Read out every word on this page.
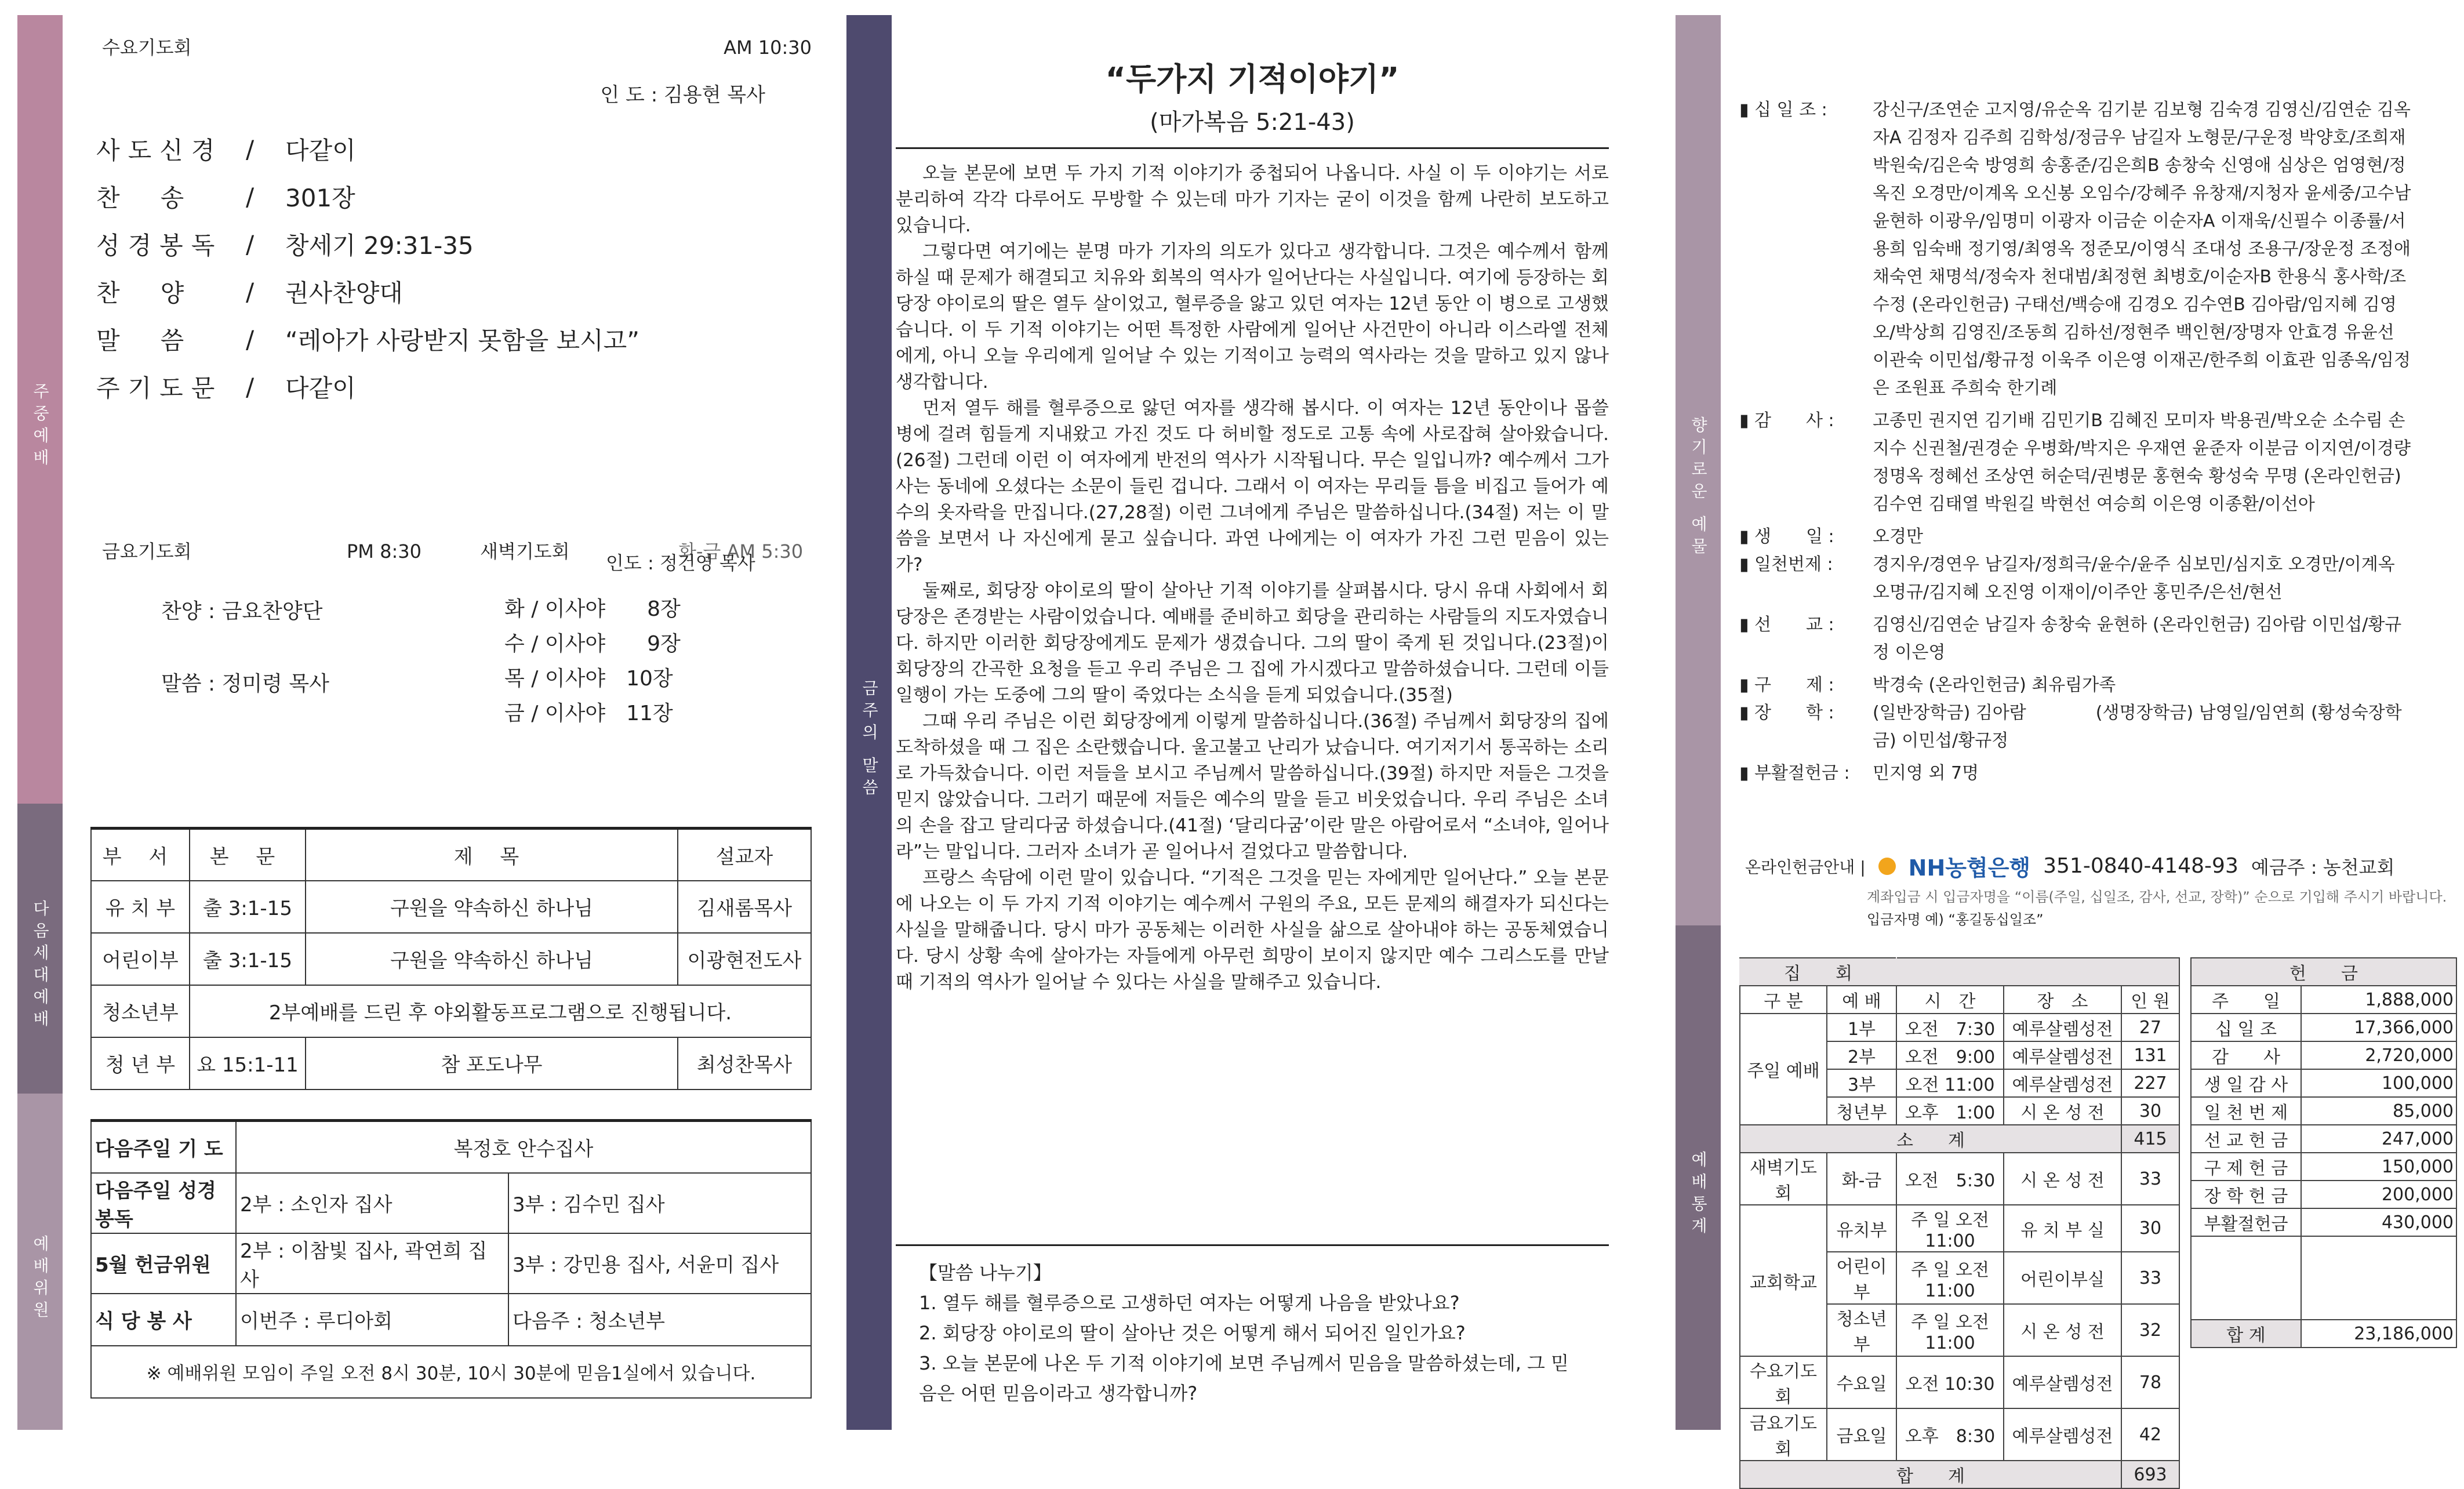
주중예배
다음세대예배
예배위원
수요기도회	AM 10:30
인 도 : 김용현 목사
사도신경 /	다같이
찬송 /	301장
성경봉독 /	창세기 29:31-35
찬양 /	권사찬양대
말씀 /	“레아가 사랑받지 못함을 보시고”
주기도문 /	다같이
금요기도회	PM 8:30	새벽기도회	화-금 AM 5:30
인도 : 정건영 목사
찬양 : 금요찬양단
말씀 : 정미령 목사
화 / 이사야　　8장
수 / 이사야　　9장
목 / 이사야　10장
금 / 이사야　11장
부 서	본 문	제 목	설교자
유 치 부	출 3:1-15	구원을 약속하신 하나님	김새롬목사
어린이부	출 3:1-15	구원을 약속하신 하나님	이광현전도사
청소년부	2부예배를 드린 후 야외활동프로그램으로 진행됩니다.		
청 년 부	요 15:1-11	참 포도나무	최성찬목사
다음주일 기 도	복정호 안수집사	
다음주일 성경봉독	2부 : 소인자 집사	3부 : 김수민 집사
5월 헌금위원	2부 : 이참빛 집사, 곽연희 집사	3부 : 강민용 집사, 서윤미 집사
식 당 봉 사	이번주 : 루디아회	다음주 : 청소년부
※ 예배위원 모임이 주일 오전 8시 30분, 10시 30분에 믿음1실에서 있습니다.		
금주의 말씀
“두가지 기적이야기”
(마가복음 5:21-43)

오늘 본문에 보면 두 가지 기적 이야기가 중첩되어 나옵니다. 사실 이 두 이야기는 서로 분리하여 각각 다루어도 무방할 수 있는데 마가 기자는 굳이 이것을 함께 나란히 보도하고 있습니다.

그렇다면 여기에는 분명 마가 기자의 의도가 있다고 생각합니다. 그것은 예수께서 함께 하실 때 문제가 해결되고 치유와 회복의 역사가 일어난다는 사실입니다. 여기에 등장하는 회당장 야이로의 딸은 열두 살이었고, 혈루증을 앓고 있던 여자는 12년 동안 이 병으로 고생했습니다. 이 두 기적 이야기는 어떤 특정한 사람에게 일어난 사건만이 아니라 이스라엘 전체에게, 아니 오늘 우리에게 일어날 수 있는 기적이고 능력의 역사라는 것을 말하고 있지 않나 생각합니다.

먼저 열두 해를 혈루증으로 앓던 여자를 생각해 봅시다. 이 여자는 12년 동안이나 몹쓸 병에 걸려 힘들게 지내왔고 가진 것도 다 허비할 정도로 고통 속에 사로잡혀 살아왔습니다.(26절) 그런데 이런 이 여자에게 반전의 역사가 시작됩니다. 무슨 일입니까? 예수께서 그가 사는 동네에 오셨다는 소문이 들린 겁니다. 그래서 이 여자는 무리들 틈을 비집고 들어가 예수의 옷자락을 만집니다.(27,28절) 이런 그녀에게 주님은 말씀하십니다.(34절) 저는 이 말씀을 보면서 나 자신에게 묻고 싶습니다. 과연 나에게는 이 여자가 가진 그런 믿음이 있는가?

둘째로, 회당장 야이로의 딸이 살아난 기적 이야기를 살펴봅시다. 당시 유대 사회에서 회당장은 존경받는 사람이었습니다. 예배를 준비하고 회당을 관리하는 사람들의 지도자였습니다. 하지만 이러한 회당장에게도 문제가 생겼습니다. 그의 딸이 죽게 된 것입니다.(23절)이 회당장의 간곡한 요청을 듣고 우리 주님은 그 집에 가시겠다고 말씀하셨습니다. 그런데 이들 일행이 가는 도중에 그의 딸이 죽었다는 소식을 듣게 되었습니다.(35절)

그때 우리 주님은 이런 회당장에게 이렇게 말씀하십니다.(36절) 주님께서 회당장의 집에 도착하셨을 때 그 집은 소란했습니다. 울고불고 난리가 났습니다. 여기저기서 통곡하는 소리로 가득찼습니다. 이런 저들을 보시고 주님께서 말씀하십니다.(39절) 하지만 저들은 그것을 믿지 않았습니다. 그러기 때문에 저들은 예수의 말을 듣고 비웃었습니다. 우리 주님은 소녀의 손을 잡고 달리다굼 하셨습니다.(41절) ‘달리다굼’이란 말은 아람어로서 “소녀야, 일어나라”는 말입니다. 그러자 소녀가 곧 일어나서 걸었다고 말씀합니다.

프랑스 속담에 이런 말이 있습니다. “기적은 그것을 믿는 자에게만 일어난다.” 오늘 본문에 나오는 이 두 가지 기적 이야기는 예수께서 구원의 주요, 모든 문제의 해결자가 되신다는 사실을 말해줍니다. 당시 마가 공동체는 이러한 사실을 삶으로 살아내야 하는 공동체였습니다. 당시 상황 속에 살아가는 자들에게 아무런 희망이 보이지 않지만 예수 그리스도를 만날 때 기적의 역사가 일어날 수 있다는 사실을 말해주고 있습니다.

【말씀 나누기】
1. 열두 해를 혈루증으로 고생하던 여자는 어떻게 나음을 받았나요?
2. 회당장 야이로의 딸이 살아난 것은 어떻게 해서 되어진 일인가요?
3. 오늘 본문에 나온 두 기적 이야기에 보면 주님께서 믿음을 말씀하셨는데, 그 믿음은 어떤 믿음이라고 생각합니까?
향기로운 예물
예배통계
▮ 십 일 조 :	강신구/조연순 고지영/유순옥 김기분 김보형 김숙경 김영신/김연순 김옥자A 김정자 김주희 김학성/정금우 남길자 노형문/구운정 박양호/조희재 박원숙/김은숙 방영희 송홍준/김은희B 송창숙 신영애 심상은 엄영현/정옥진 오경만/이계옥 오신봉 오임수/강혜주 유창재/지청자 윤세중/고수남 윤현하 이광우/임명미 이광자 이금순 이순자A 이재욱/신필수 이종률/서용희 임숙배 정기영/최영옥 정준모/이영식 조대성 조용구/장운정 조정애 채숙연 채명석/정숙자 천대범/최정현 최병호/이순자B 한용식 홍사학/조수정 (온라인헌금) 구태선/백승애 김경오 김수연B 김아람/임지혜 김영오/박상희 김영진/조동희 김하선/정현주 백인현/장명자 안효경 유윤선 이관숙 이민섭/황규정 이욱주 이은영 이재곤/한주희 이효관 임종옥/임정은 조원표 주희숙 한기례
▮ 감　　사 :	고종민 권지연 김기배 김민기B 김혜진 모미자 박용권/박오순 소수림 손지수 신권철/권경순 우병화/박지은 우재연 윤준자 이분금 이지연/이경량 정명옥 정혜선 조상연 허순덕/권병문 홍현숙 황성숙 무명 (온라인헌금) 김수연 김태열 박원길 박현선 여승희 이은영 이종환/이선아
▮ 생　　일 :	오경만
▮ 일천번제 :	경지우/경연우 남길자/정희극/윤수/윤주 심보민/심지호 오경만/이계옥 오명규/김지혜 오진영 이재이/이주안 홍민주/은선/현선
▮ 선　　교 :	김영신/김연순 남길자 송창숙 윤현하 (온라인헌금) 김아람 이민섭/황규정 이은영
▮ 구　　제 :	박경숙 (온라인헌금) 최유림가족
▮ 장　　학 :	(일반장학금) 김아람　　　　(생명장학금) 남영일/임연희 (황성숙장학금) 이민섭/황규정
▮ 부활절헌금 :	민지영 외 7명
온라인헌금안내 | NH농협은행 351-0840-4148-93 예금주 : 농천교회
계좌입금 시 입금자명을 “이름(주일, 십일조, 감사, 선교, 장학)” 순으로 기입해 주시기 바랍니다.
입금자명 예) “홍길동십일조”
집　　회				
구 분	예 배	시　간	장　소	인 원
주일 예배	1부	오전　7:30	예루살렘성전	27
	2부	오전　9:00	예루살렘성전	131
	3부	오전 11:00	예루살렘성전	227
	청년부	오후　1:00	시 온 성 전	30
소　　계				415
새벽기도회	화-금	오전　5:30	시 온 성 전	33
교회학교	유치부	주 일 오전 11:00	유 치 부 실	30
	어린이부	주 일 오전 11:00	어린이부실	33
	청소년부	주 일 오전 11:00	시 온 성 전	32
수요기도회	수요일	오전 10:30	예루살렘성전	78
금요기도회	금요일	오후　8:30	예루살렘성전	42
합　　계				693
헌　　금	
주　　일	1,888,000
십 일 조	17,366,000
감　　사	2,720,000
생 일 감 사	100,000
일 천 번 제	85,000
선 교 헌 금	247,000
구 제 헌 금	150,000
장 학 헌 금	200,000
부활절헌금	430,000

합 계	23,186,000
